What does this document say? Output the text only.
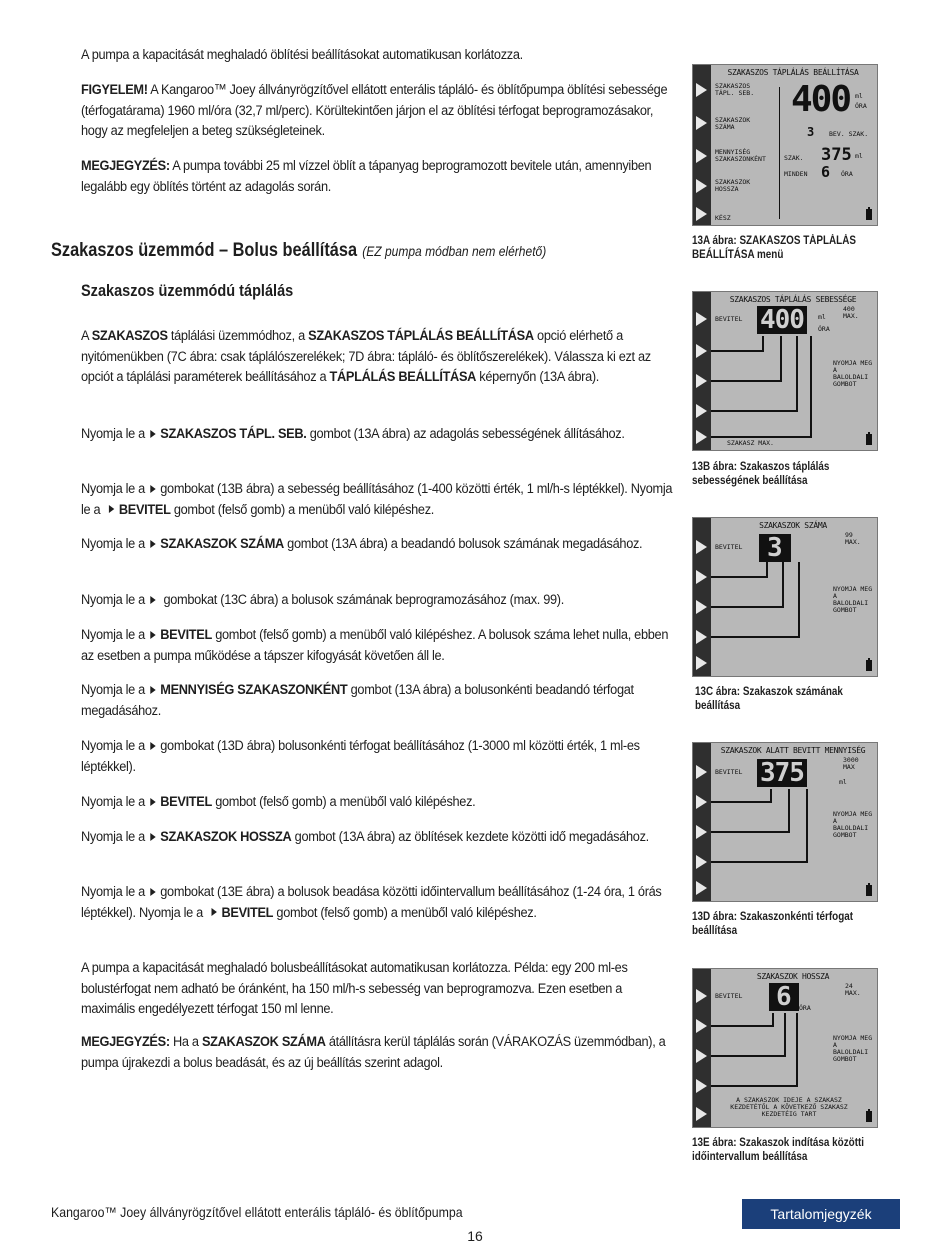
A pumpa a kapacitását meghaladó öblítési beállításokat automatikusan korlátozza.
FIGYELEM! A Kangaroo™ Joey állványrögzítővel ellátott enterális tápláló- és öblítőpumpa öblítési sebessége (térfogatárama) 1960 ml/óra (32,7 ml/perc). Körültekintően járjon el az öblítési térfogat beprogramozásakor, hogy az megfeleljen a beteg szükségleteinek.
MEGJEGYZÉS: A pumpa további 25 ml vízzel öblít a tápanyag beprogramozott bevitele után, amennyiben legalább egy öblítés történt az adagolás során.
Szakaszos üzemmód – Bolus beállítása (EZ pumpa módban nem elérhető)
Szakaszos üzemmódú táplálás
A SZAKASZOS táplálási üzemmódhoz, a SZAKASZOS TÁPLÁLÁS BEÁLLÍTÁSA opció elérhető a nyitómenükben (7C ábra: csak táplálószerelékek; 7D ábra: tápláló- és öblítőszerelékek). Válassza ki ezt az opciót a táplálási paraméterek beállításához a TÁPLÁLÁS BEÁLLÍTÁSA képernyőn (13A ábra).
Nyomja le a SZAKASZOS TÁPL. SEB. gombot (13A ábra) az adagolás sebességének állításához.
Nyomja le a gombokat (13B ábra) a sebesség beállításához (1-400 közötti érték, 1 ml/h-s léptékkel). Nyomja le a BEVITEL gombot (felső gomb) a menüből való kilépéshez.
Nyomja le a SZAKASZOK SZÁMA gombot (13A ábra) a beadandó bolusok számának megadásához.
Nyomja le a gombokat (13C ábra) a bolusok számának beprogramozásához (max. 99).
Nyomja le a BEVITEL gombot (felső gomb) a menüből való kilépéshez. A bolusok száma lehet nulla, ebben az esetben a pumpa működése a tápszer kifogyását követően áll le.
Nyomja le a MENNYISÉG SZAKASZONKÉNT gombot (13A ábra) a bolusonkénti beadandó térfogat megadásához.
Nyomja le a gombokat (13D ábra) bolusonkénti térfogat beállításához (1-3000 ml közötti érték, 1 ml-es léptékkel).
Nyomja le a BEVITEL gombot (felső gomb) a menüből való kilépéshez.
Nyomja le a SZAKASZOK HOSSZA gombot (13A ábra) az öblítések kezdete közötti idő megadásához.
Nyomja le a gombokat (13E ábra) a bolusok beadása közötti időintervallum beállításához (1-24 óra, 1 órás léptékkel). Nyomja le a BEVITEL gombot (felső gomb) a menüből való kilépéshez.
A pumpa a kapacitását meghaladó bolusbeállításokat automatikusan korlátozza. Példa: egy 200 ml-es bolustérfogat nem adható be óránként, ha 150 ml/h-s sebesség van beprogramozva. Ezen esetben a maximális engedélyezett térfogat 150 ml lenne.
MEGJEGYZÉS: Ha a SZAKASZOK SZÁMA átállításra kerül táplálás során (VÁRAKOZÁS üzemmódban), a pumpa újrakezdi a bolus beadását, és az új beállítás szerint adagol.
SZAKASZOS TÁPLÁLÁS BEÁLLÍTÁSA
SZAKASZOS TÁPL. SEB.
SZAKASZOK SZÁMA
MENNYISÉG SZAKASZONKÉNT
SZAKASZOK HOSSZA
KÉSZ
400 ml
ÓRA
3 BEV. SZAK.
SZAK. 375 ml
MINDEN 6 ÓRA
13A ábra: SZAKASZOS TÁPLÁLÁS BEÁLLÍTÁSA menü
SZAKASZOS TÁPLÁLÁS SEBESSÉGE
BEVITEL 400	ml
ÓRA
400 MAX.
NYOMJA MEG A BALOLDALI GOMBOT
SZAKASZ MAX.
13B ábra: Szakaszos táplálás sebességének beállítása
SZAKASZOK SZÁMA
BEVITEL 3	99 MAX.
NYOMJA MEG A BALOLDALI GOMBOT
13C ábra: Szakaszok számának beállítása
SZAKASZOK ALATT BEVITT MENNYISÉG
BEVITEL 375	ml
3000 MAX
NYOMJA MEG A BALOLDALI GOMBOT
13D ábra: Szakaszonkénti térfogat beállítása
SZAKASZOK HOSSZA
BEVITEL 6	ÓRA
24 MAX.
NYOMJA MEG A BALOLDALI GOMBOT
A SZAKASZOK IDEJE A SZAKASZ KEZDETÉTŐL A KÖVETKEZŐ SZAKASZ KEZDETÉIG TART
13E ábra: Szakaszok indítása közötti időintervallum beállítása
Kangaroo™ Joey állványrögzítővel ellátott enterális tápláló- és öblítőpumpa
16
Tartalomjegyzék
